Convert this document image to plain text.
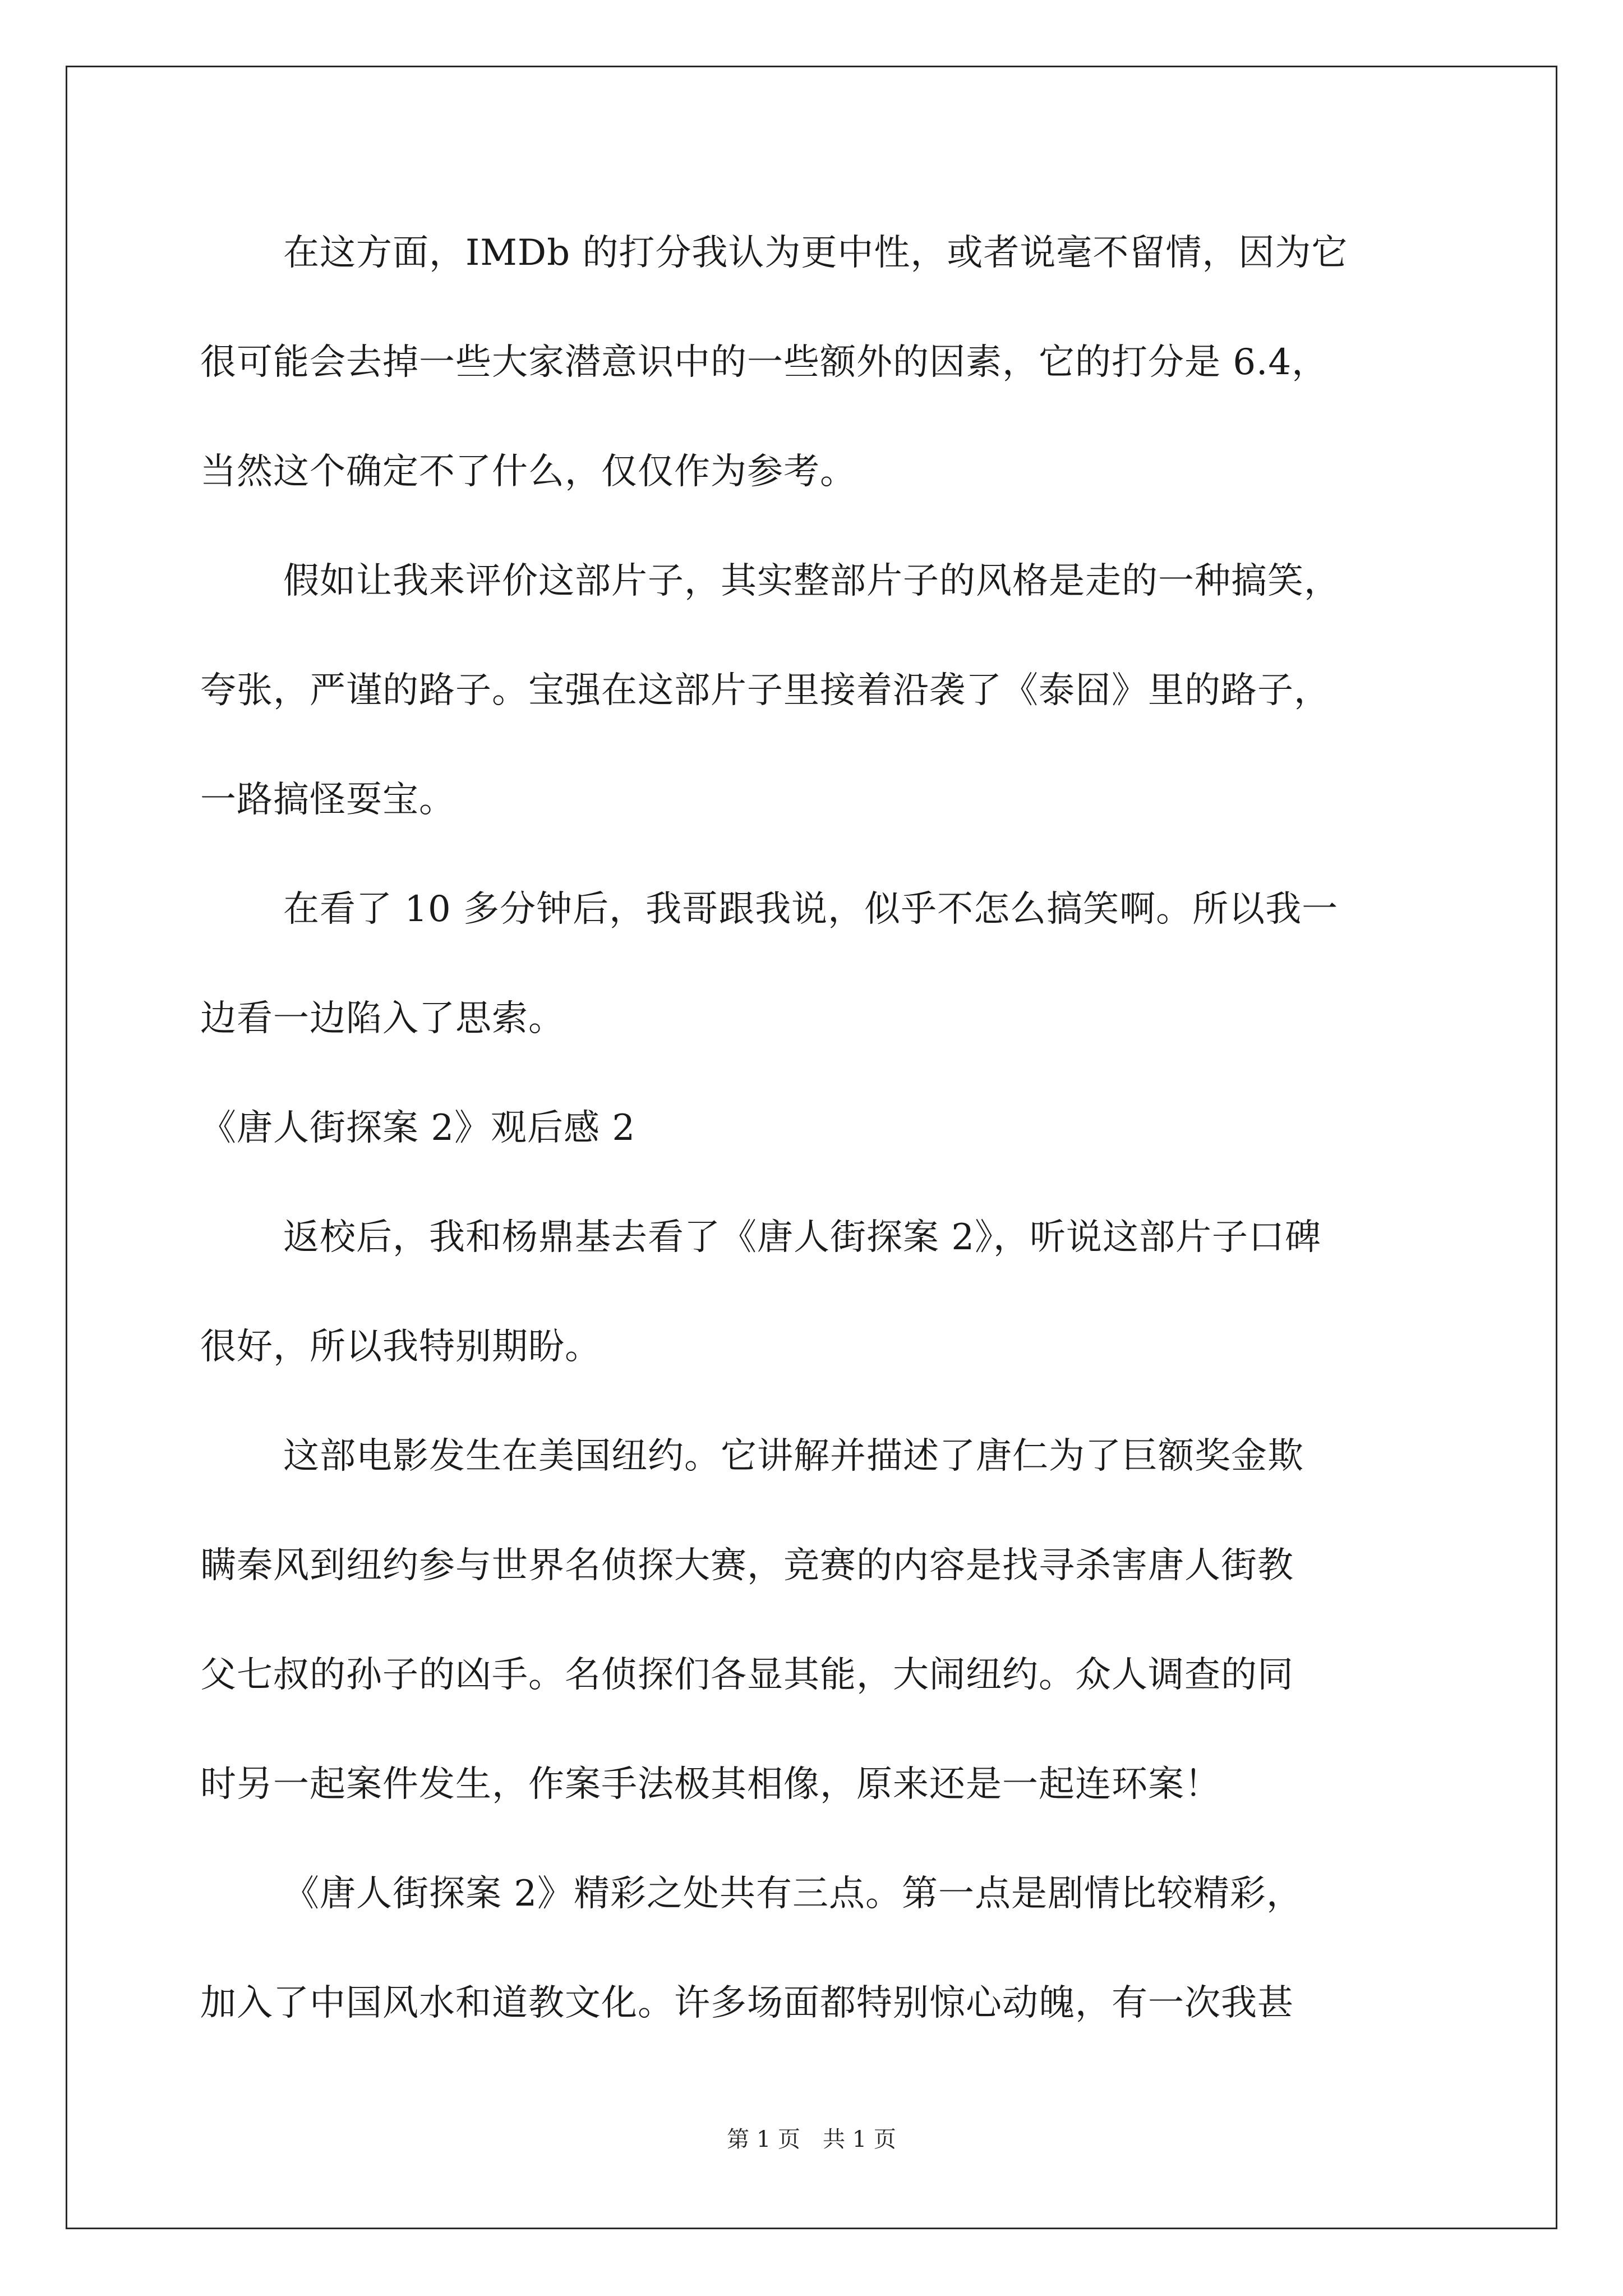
在这方面，IMDb 的打分我认为更中性，或者说毫不留情，因为它
很可能会去掉一些大家潜意识中的一些额外的因素，它的打分是 6.4，
当然这个确定不了什么，仅仅作为参考。
假如让我来评价这部片子，其实整部片子的风格是走的一种搞笑，
夸张，严谨的路子。宝强在这部片子里接着沿袭了《泰囧》里的路子，
一路搞怪耍宝。
在看了 10 多分钟后，我哥跟我说，似乎不怎么搞笑啊。所以我一
边看一边陷入了思索。
《唐人街探案 2》观后感 2
返校后，我和杨鼎基去看了《唐人街探案 2》，听说这部片子口碑
很好，所以我特别期盼。
这部电影发生在美国纽约。它讲解并描述了唐仁为了巨额奖金欺
瞒秦风到纽约参与世界名侦探大赛，竞赛的内容是找寻杀害唐人街教
父七叔的孙子的凶手。名侦探们各显其能，大闹纽约。众人调查的同
时另一起案件发生，作案手法极其相像，原来还是一起连环案！
《唐人街探案 2》精彩之处共有三点。第一点是剧情比较精彩，
加入了中国风水和道教文化。许多场面都特别惊心动魄，有一次我甚
第 1 页　共 1 页
